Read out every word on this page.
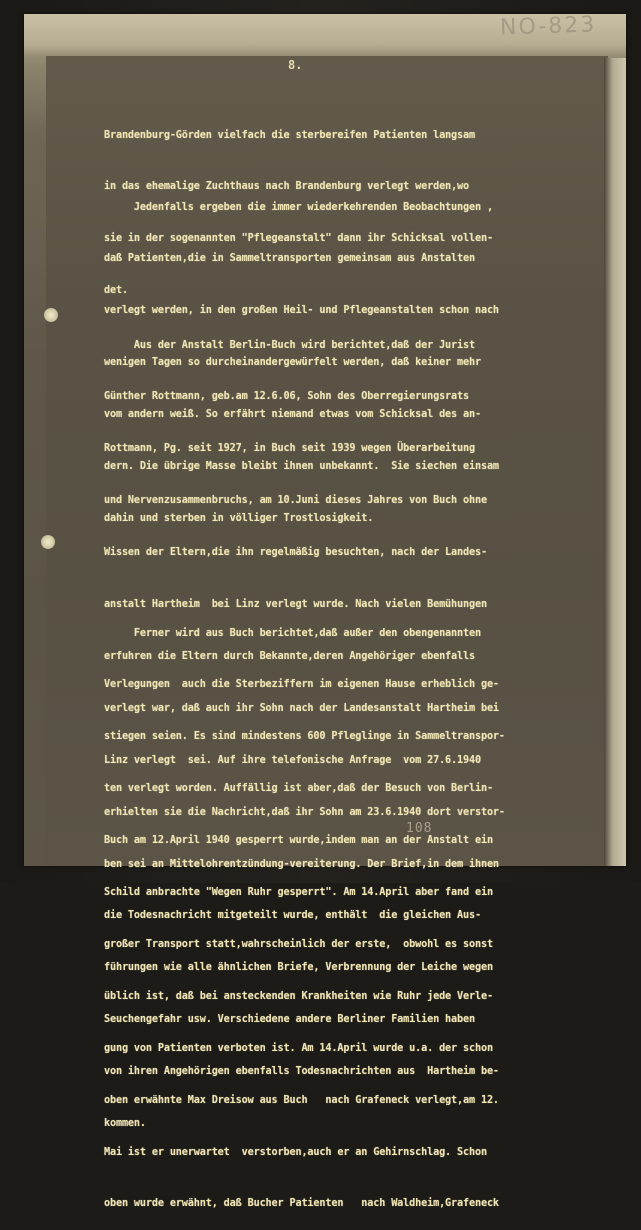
NO-823
8.

Brandenburg-Görden vielfach die sterbereifen Patienten langsam

in das ehemalige Zuchthaus nach Brandenburg verlegt werden,wo

sie in der sogenannten "Pflegeanstalt" dann ihr Schicksal vollen-

det.

Jedenfalls ergeben die immer wiederkehrenden Beobachtungen ,

daß Patienten,die in Sammeltransporten gemeinsam aus Anstalten

verlegt werden, in den großen Heil- und Pflegeanstalten schon nach

wenigen Tagen so durcheinandergewürfelt werden, daß keiner mehr

vom andern weiß. So erfährt niemand etwas vom Schicksal des an-

dern. Die übrige Masse bleibt ihnen unbekannt.  Sie siechen einsam

dahin und sterben in völliger Trostlosigkeit.

Aus der Anstalt Berlin-Buch wird berichtet,daß der Jurist

Günther Rottmann, geb.am 12.6.06, Sohn des Oberregierungsrats

Rottmann, Pg. seit 1927, in Buch seit 1939 wegen Überarbeitung

und Nervenzusammenbruchs, am 10.Juni dieses Jahres von Buch ohne

Wissen der Eltern,die ihn regelmäßig besuchten, nach der Landes-

anstalt Hartheim  bei Linz verlegt wurde. Nach vielen Bemühungen

erfuhren die Eltern durch Bekannte,deren Angehöriger ebenfalls

verlegt war, daß auch ihr Sohn nach der Landesanstalt Hartheim bei

Linz verlegt  sei. Auf ihre telefonische Anfrage  vom 27.6.1940

erhielten sie die Nachricht,daß ihr Sohn am 23.6.1940 dort verstor-

ben sei an Mittelohrentzündung-vereiterung. Der Brief,in dem ihnen

die Todesnachricht mitgeteilt wurde, enthält  die gleichen Aus-

führungen wie alle ähnlichen Briefe, Verbrennung der Leiche wegen

Seuchengefahr usw. Verschiedene andere Berliner Familien haben

von ihren Angehörigen ebenfalls Todesnachrichten aus  Hartheim be-

kommen.

Ferner wird aus Buch berichtet,daß außer den obengenannten

Verlegungen  auch die Sterbeziffern im eigenen Hause erheblich ge-

stiegen seien. Es sind mindestens 600 Pfleglinge in Sammeltranspor-

ten verlegt worden. Auffällig ist aber,daß der Besuch von Berlin-

Buch am 12.April 1940 gesperrt wurde,indem man an der Anstalt ein

Schild anbrachte "Wegen Ruhr gesperrt". Am 14.April aber fand ein

großer Transport statt,wahrscheinlich der erste,  obwohl es sonst

üblich ist, daß bei ansteckenden Krankheiten wie Ruhr jede Verle-

gung von Patienten verboten ist. Am 14.April wurde u.a. der schon

oben erwähnte Max Dreisow aus Buch   nach Grafeneck verlegt,am 12.

Mai ist er unerwartet  verstorben,auch er an Gehirnschlag. Schon

oben wurde erwähnt, daß Bucher Patienten   nach Waldheim,Grafeneck

108
